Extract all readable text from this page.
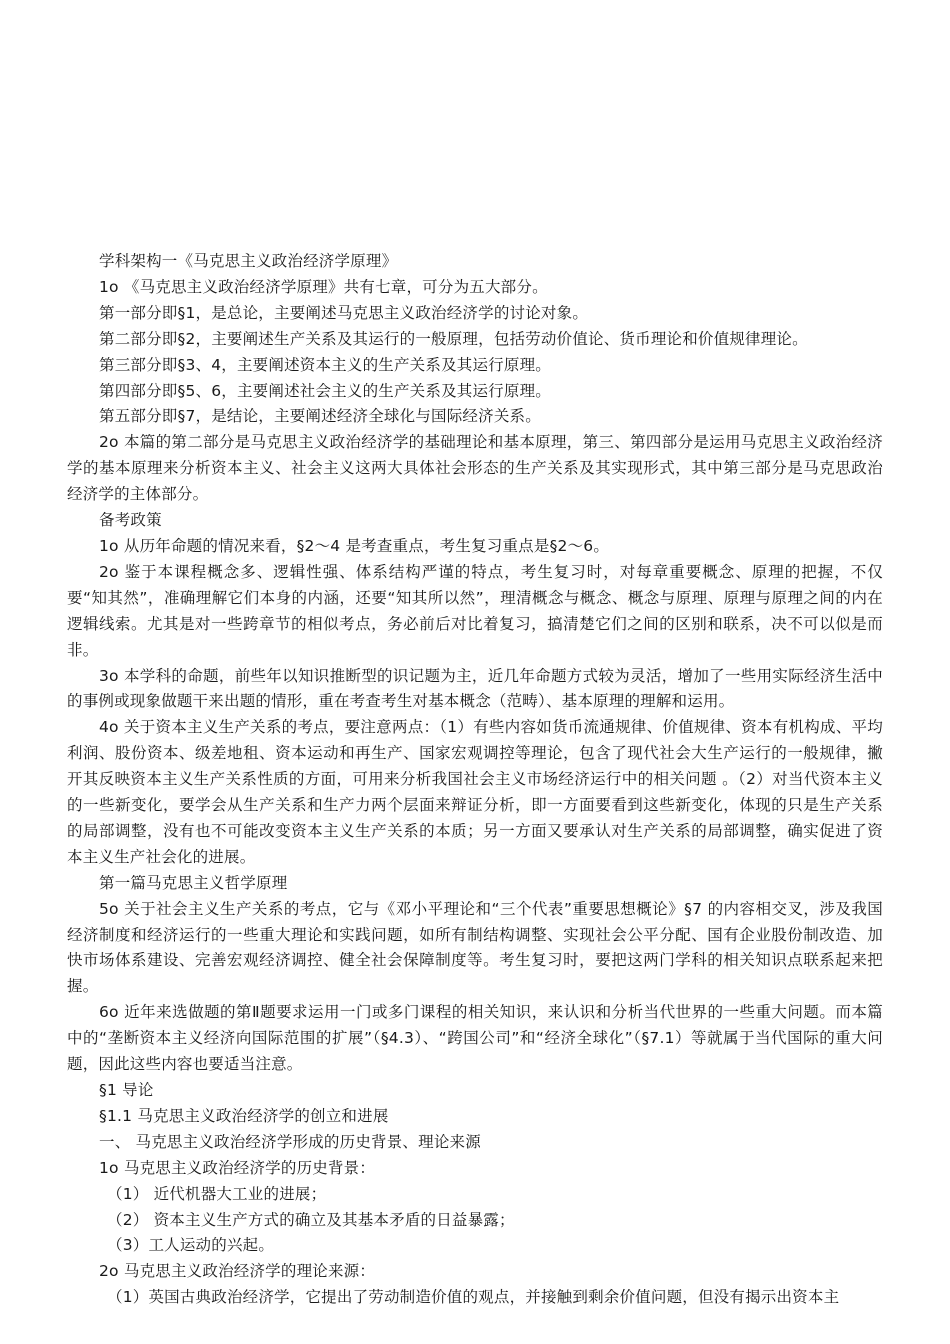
学科架构一《马克思主义政治经济学原理》

1o 《马克思主义政治经济学原理》共有七章，可分为五大部分。

第一部分即§1，是总论，主要阐述马克思主义政治经济学的讨论对象。

第二部分即§2，主要阐述生产关系及其运行的一般原理，包括劳动价值论、货币理论和价值规律理论。

第三部分即§3、4，主要阐述资本主义的生产关系及其运行原理。

第四部分即§5、6，主要阐述社会主义的生产关系及其运行原理。

第五部分即§7，是结论，主要阐述经济全球化与国际经济关系。

2o 本篇的第二部分是马克思主义政治经济学的基础理论和基本原理，第三、第四部分是运用马克思主义政治经济学的基本原理来分析资本主义、社会主义这两大具体社会形态的生产关系及其实现形式，其中第三部分是马克思政治经济学的主体部分。

备考政策

1o 从历年命题的情况来看，§2～4 是考查重点，考生复习重点是§2～6。

2o 鉴于本课程概念多、逻辑性强、体系结构严谨的特点，考生复习时，对每章重要概念、原理的把握，不仅要“知其然”，准确理解它们本身的内涵，还要“知其所以然”，理清概念与概念、概念与原理、原理与原理之间的内在逻辑线索。尤其是对一些跨章节的相似考点，务必前后对比着复习，搞清楚它们之间的区别和联系，决不可以似是而非。

3o 本学科的命题，前些年以知识推断型的识记题为主，近几年命题方式较为灵活，增加了一些用实际经济生活中的事例或现象做题干来出题的情形，重在考查考生对基本概念（范畴）、基本原理的理解和运用。

4o 关于资本主义生产关系的考点，要注意两点：（1）有些内容如货币流通规律、价值规律、资本有机构成、平均利润、股份资本、级差地租、资本运动和再生产、国家宏观调控等理论，包含了现代社会大生产运行的一般规律，撇开其反映资本主义生产关系性质的方面，可用来分析我国社会主义市场经济运行中的相关问题 。（2）对当代资本主义的一些新变化，要学会从生产关系和生产力两个层面来辩证分析，即一方面要看到这些新变化，体现的只是生产关系的局部调整，没有也不可能改变资本主义生产关系的本质；另一方面又要承认对生产关系的局部调整，确实促进了资本主义生产社会化的进展。

第一篇马克思主义哲学原理

5o 关于社会主义生产关系的考点，它与《邓小平理论和“三个代表”重要思想概论》§7 的内容相交叉，涉及我国经济制度和经济运行的一些重大理论和实践问题，如所有制结构调整、实现社会公平分配、国有企业股份制改造、加快市场体系建设、完善宏观经济调控、健全社会保障制度等。考生复习时，要把这两门学科的相关知识点联系起来把握。

6o 近年来选做题的第Ⅱ题要求运用一门或多门课程的相关知识，来认识和分析当代世界的一些重大问题。而本篇中的“垄断资本主义经济向国际范围的扩展”（§4.3）、“跨国公司”和“经济全球化”（§7.1）等就属于当代国际的重大问题，因此这些内容也要适当注意。

§1 导论

§1.1 马克思主义政治经济学的创立和进展

一、 马克思主义政治经济学形成的历史背景、理论来源

1o 马克思主义政治经济学的历史背景：

（1） 近代机器大工业的进展；

（2） 资本主义生产方式的确立及其基本矛盾的日益暴露；

（3）工人运动的兴起。

2o 马克思主义政治经济学的理论来源：

（1）英国古典政治经济学，它提出了劳动制造价值的观点，并接触到剩余价值问题，但没有揭示出资本主
